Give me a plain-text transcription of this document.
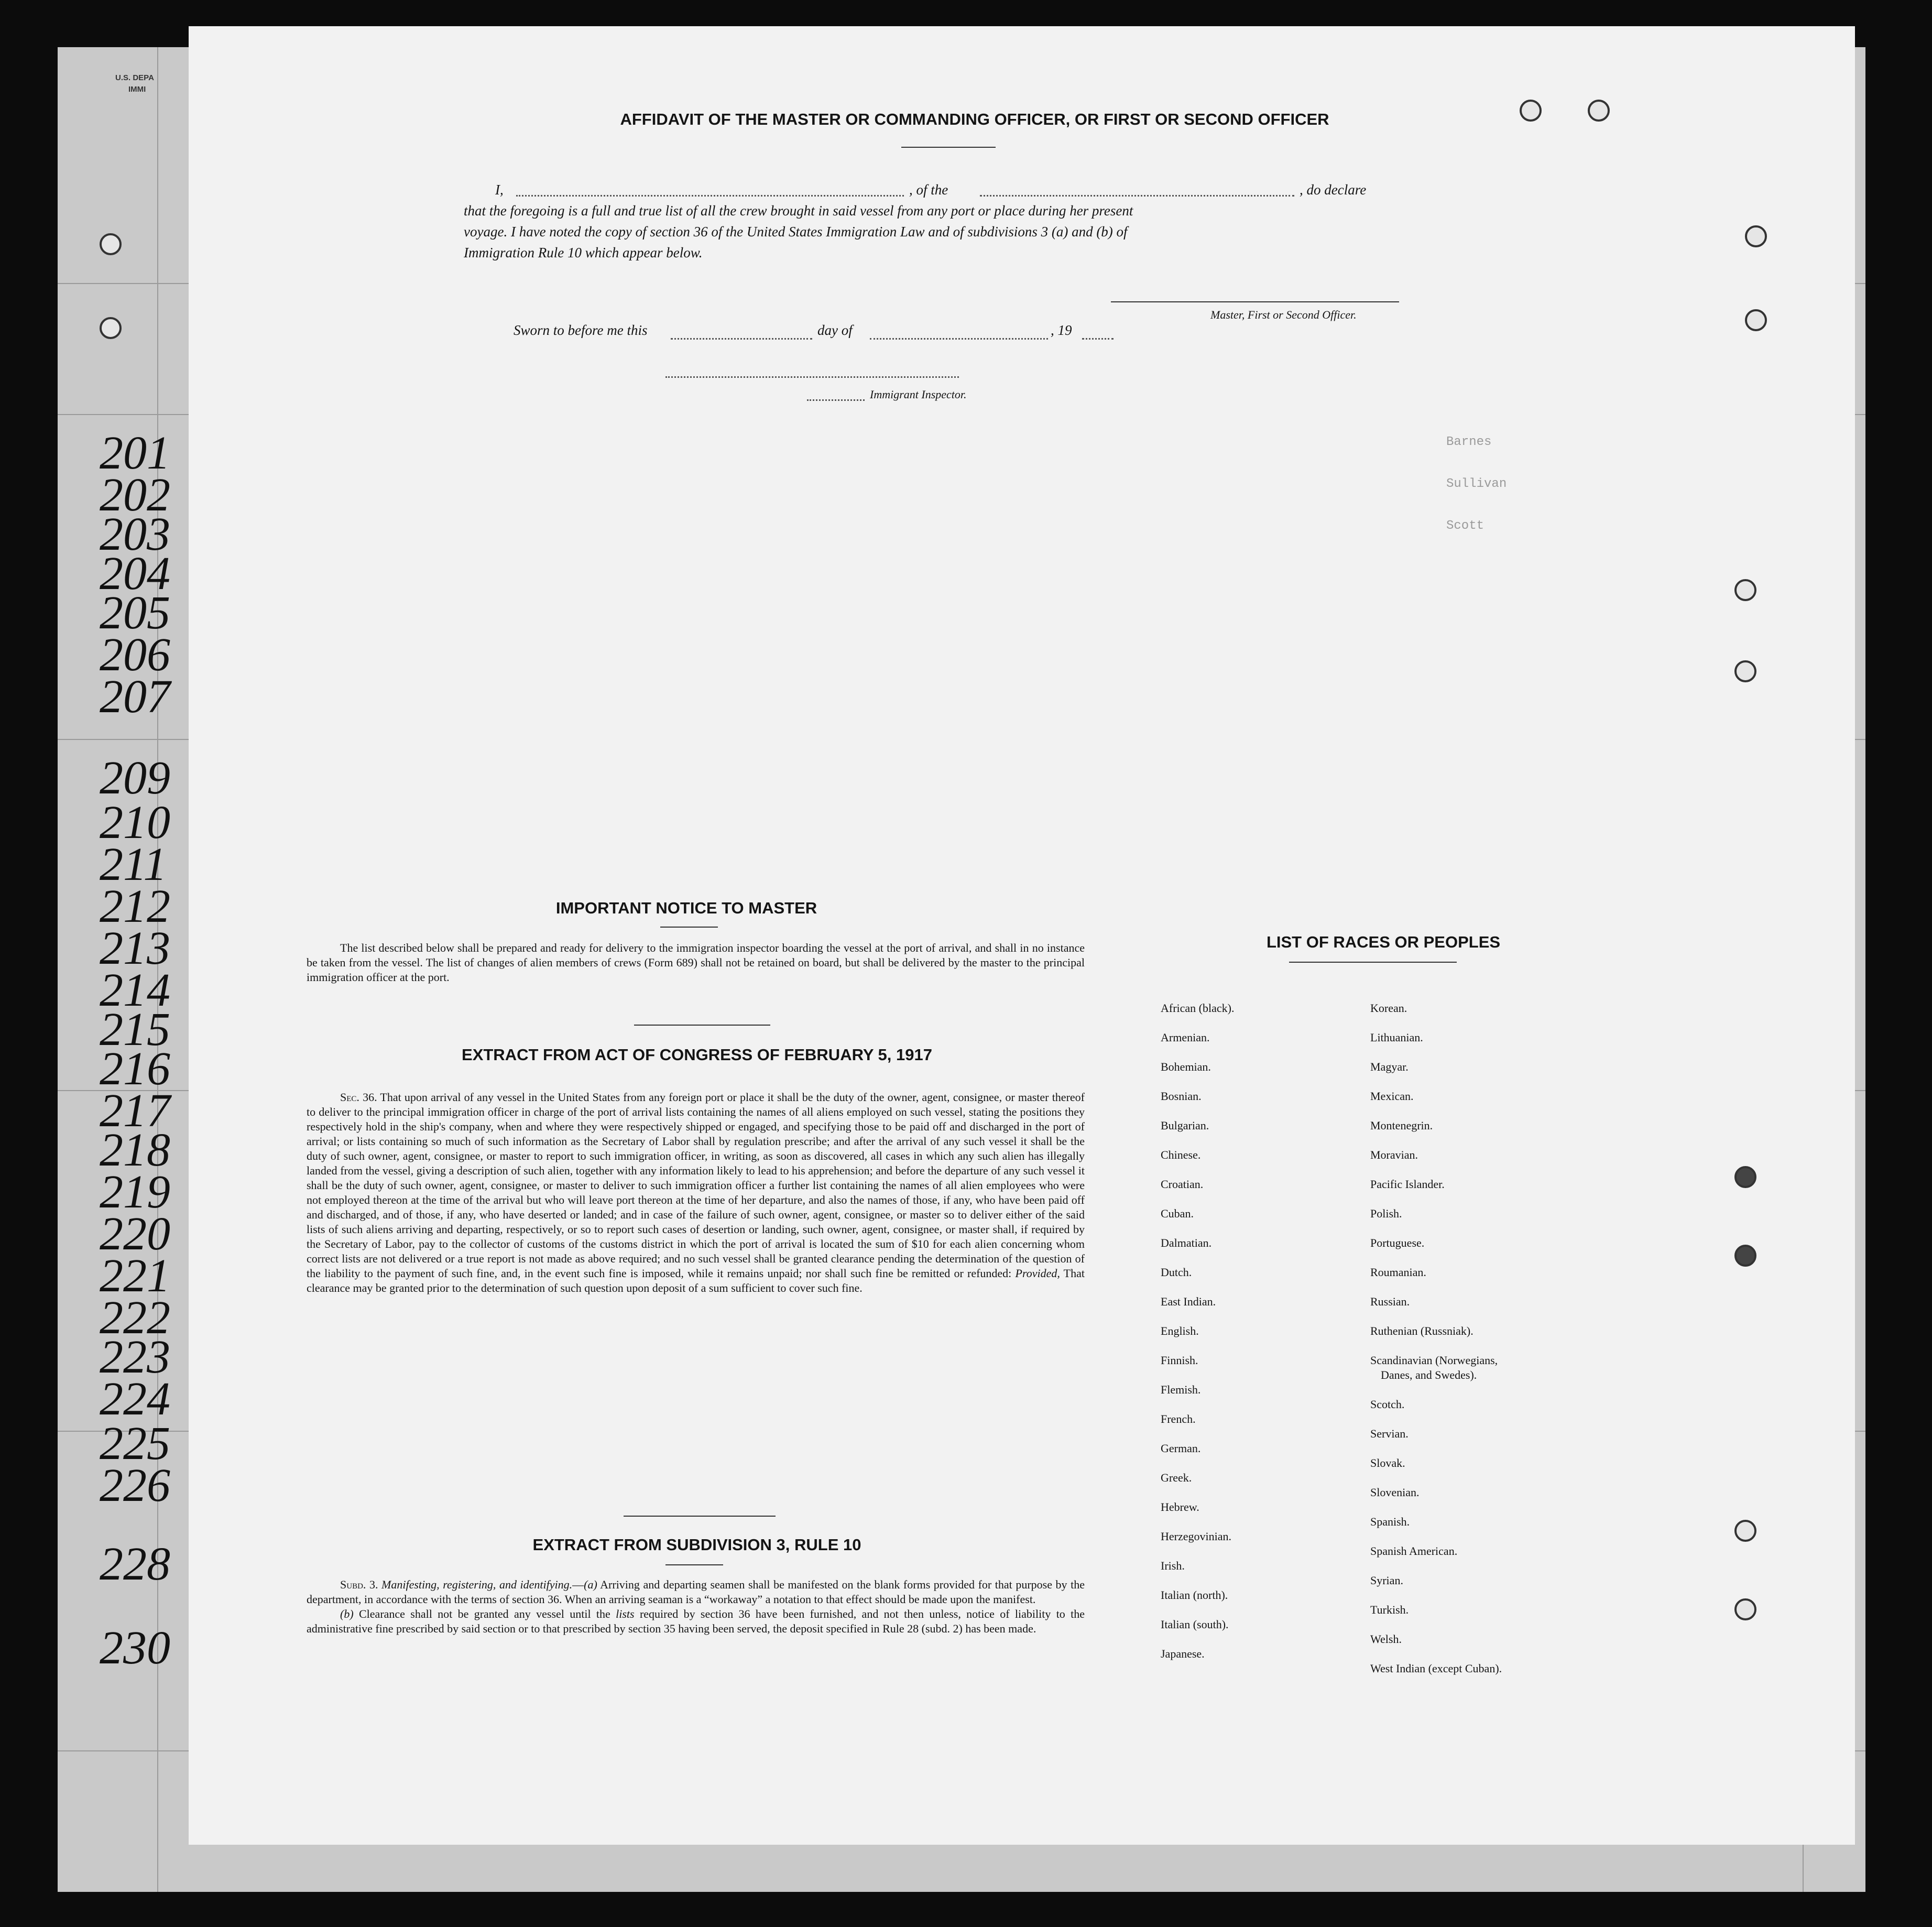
U.S. DEPA
IMMI
201
202
203
204
205
206
207
209
210
211
212
213
214
215
216
217
218
219
220
221
222
223
224
225
226
228
230
Barnes
Sullivan
Scott
AFFIDAVIT OF THE MASTER OR COMMANDING OFFICER, OR FIRST OR SECOND OFFICER
I,	, of the	, do declare
that the foregoing is a full and true list of all the crew brought in said vessel from any port or place during her present
voyage. I have noted the copy of section 36 of the United States Immigration Law and of subdivisions 3 (a) and (b) of
Immigration Rule 10 which appear below.
Master, First or Second Officer.
Sworn to before me this	day of	, 19
Immigrant Inspector.
IMPORTANT NOTICE TO MASTER

The list described below shall be prepared and ready for delivery to the immigration inspector boarding the vessel at the port of arrival, and shall in no instance be taken from the vessel. The list of changes of alien members of crews (Form 689) shall not be retained on board, but shall be delivered by the master to the principal immigration officer at the port.

EXTRACT FROM ACT OF CONGRESS OF FEBRUARY 5, 1917

Sec. 36. That upon arrival of any vessel in the United States from any foreign port or place it shall be the duty of the owner, agent, consignee, or master thereof to deliver to the principal immigration officer in charge of the port of arrival lists containing the names of all aliens employed on such vessel, stating the positions they respectively hold in the ship's company, when and where they were respectively shipped or engaged, and specifying those to be paid off and discharged in the port of arrival; or lists containing so much of such information as the Secretary of Labor shall by regulation prescribe; and after the arrival of any such vessel it shall be the duty of such owner, agent, consignee, or master to report to such immigration officer, in writing, as soon as discovered, all cases in which any such alien has illegally landed from the vessel, giving a description of such alien, together with any information likely to lead to his apprehension; and before the departure of any such vessel it shall be the duty of such owner, agent, consignee, or master to deliver to such immigration officer a further list containing the names of all alien employees who were not employed thereon at the time of the arrival but who will leave port thereon at the time of her departure, and also the names of those, if any, who have been paid off and discharged, and of those, if any, who have deserted or landed; and in case of the failure of such owner, agent, consignee, or master so to deliver either of the said lists of such aliens arriving and departing, respectively, or so to report such cases of desertion or landing, such owner, agent, consignee, or master shall, if required by the Secretary of Labor, pay to the collector of customs of the customs district in which the port of arrival is located the sum of $10 for each alien concerning whom correct lists are not delivered or a true report is not made as above required; and no such vessel shall be granted clearance pending the determination of the question of the liability to the payment of such fine, and, in the event such fine is imposed, while it remains unpaid; nor shall such fine be remitted or refunded: Provided, That clearance may be granted prior to the determination of such question upon deposit of a sum sufficient to cover such fine.

EXTRACT FROM SUBDIVISION 3, RULE 10

Subd. 3. Manifesting, registering, and identifying.—(a) Arriving and departing seamen shall be manifested on the blank forms provided for that purpose by the department, in accordance with the terms of section 36. When an arriving seaman is a “workaway” a notation to that effect should be made upon the manifest.

(b) Clearance shall not be granted any vessel until the lists required by section 36 have been furnished, and not then unless, notice of liability to the administrative fine prescribed by said section or to that prescribed by section 35 having been served, the deposit specified in Rule 28 (subd. 2) has been made.

LIST OF RACES OR PEOPLES
African (black).
Armenian.
Bohemian.
Bosnian.
Bulgarian.
Chinese.
Croatian.
Cuban.
Dalmatian.
Dutch.
East Indian.
English.
Finnish.
Flemish.
French.
German.
Greek.
Hebrew.
Herzegovinian.
Irish.
Italian (north).
Italian (south).
Japanese.
Korean.
Lithuanian.
Magyar.
Mexican.
Montenegrin.
Moravian.
Pacific Islander.
Polish.
Portuguese.
Roumanian.
Russian.
Ruthenian (Russniak).
Scandinavian (Norwegians,
Danes, and Swedes).
Scotch.
Servian.
Slovak.
Slovenian.
Spanish.
Spanish American.
Syrian.
Turkish.
Welsh.
West Indian (except Cuban).
